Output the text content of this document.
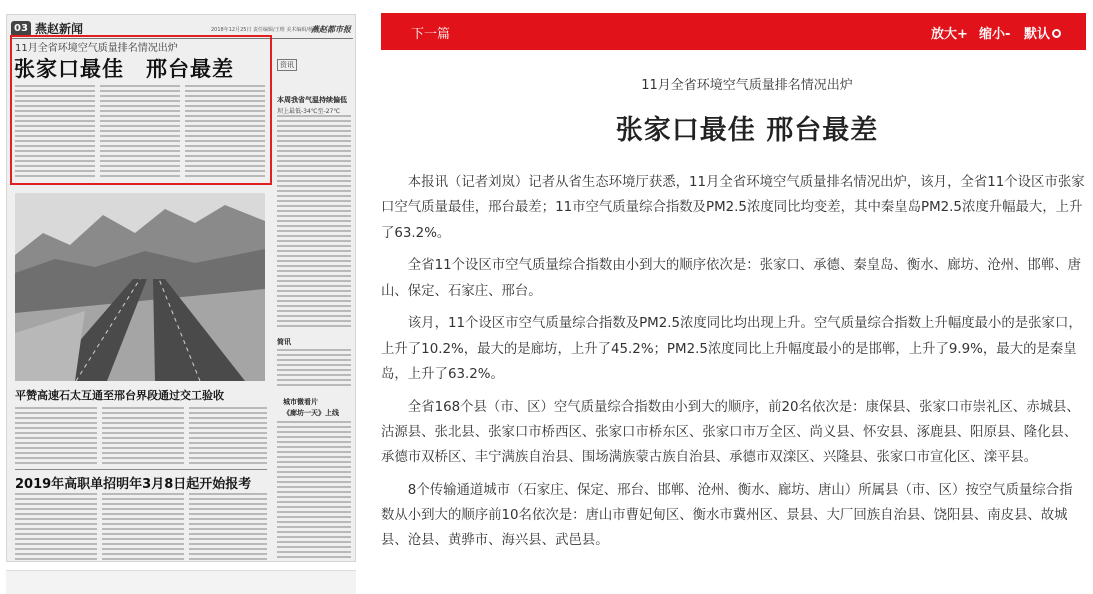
03 燕赵新闻	2018年12月25日 责任编辑/王维 美术编辑/杨宇
燕赵都市报
11月全省环境空气质量排名情况出炉
张家口最佳　邢台最差	资讯
本周我省气温持续偏低
坝上最低-34℃至-27℃
简讯
城市微看片
《廊坊一天》上线
平赞高速石太互通至邢台界段通过交工验收
2019年高职单招明年3月8日起开始报考
下一篇	放大+ 缩小- 默认
11月全省环境空气质量排名情况出炉
张家口最佳 邢台最差

本报讯（记者刘岚）记者从省生态环境厅获悉，11月全省环境空气质量排名情况出炉，该月，全省11个设区市张家口空气质量最佳，邢台最差；11市空气质量综合指数及PM2.5浓度同比均变差，其中秦皇岛PM2.5浓度升幅最大，上升了63.2%。

全省11个设区市空气质量综合指数由小到大的顺序依次是：张家口、承德、秦皇岛、衡水、廊坊、沧州、邯郸、唐山、保定、石家庄、邢台。

该月，11个设区市空气质量综合指数及PM2.5浓度同比均出现上升。空气质量综合指数上升幅度最小的是张家口，上升了10.2%，最大的是廊坊，上升了45.2%；PM2.5浓度同比上升幅度最小的是邯郸，上升了9.9%，最大的是秦皇岛，上升了63.2%。

全省168个县（市、区）空气质量综合指数由小到大的顺序，前20名依次是：康保县、张家口市崇礼区、赤城县、沽源县、张北县、张家口市桥西区、张家口市桥东区、张家口市万全区、尚义县、怀安县、涿鹿县、阳原县、隆化县、承德市双桥区、丰宁满族自治县、围场满族蒙古族自治县、承德市双滦区、兴隆县、张家口市宣化区、滦平县。

8个传输通道城市（石家庄、保定、邢台、邯郸、沧州、衡水、廊坊、唐山）所属县（市、区）按空气质量综合指数从小到大的顺序前10名依次是：唐山市曹妃甸区、衡水市冀州区、景县、大厂回族自治县、饶阳县、南皮县、故城县、沧县、黄骅市、海兴县、武邑县。
